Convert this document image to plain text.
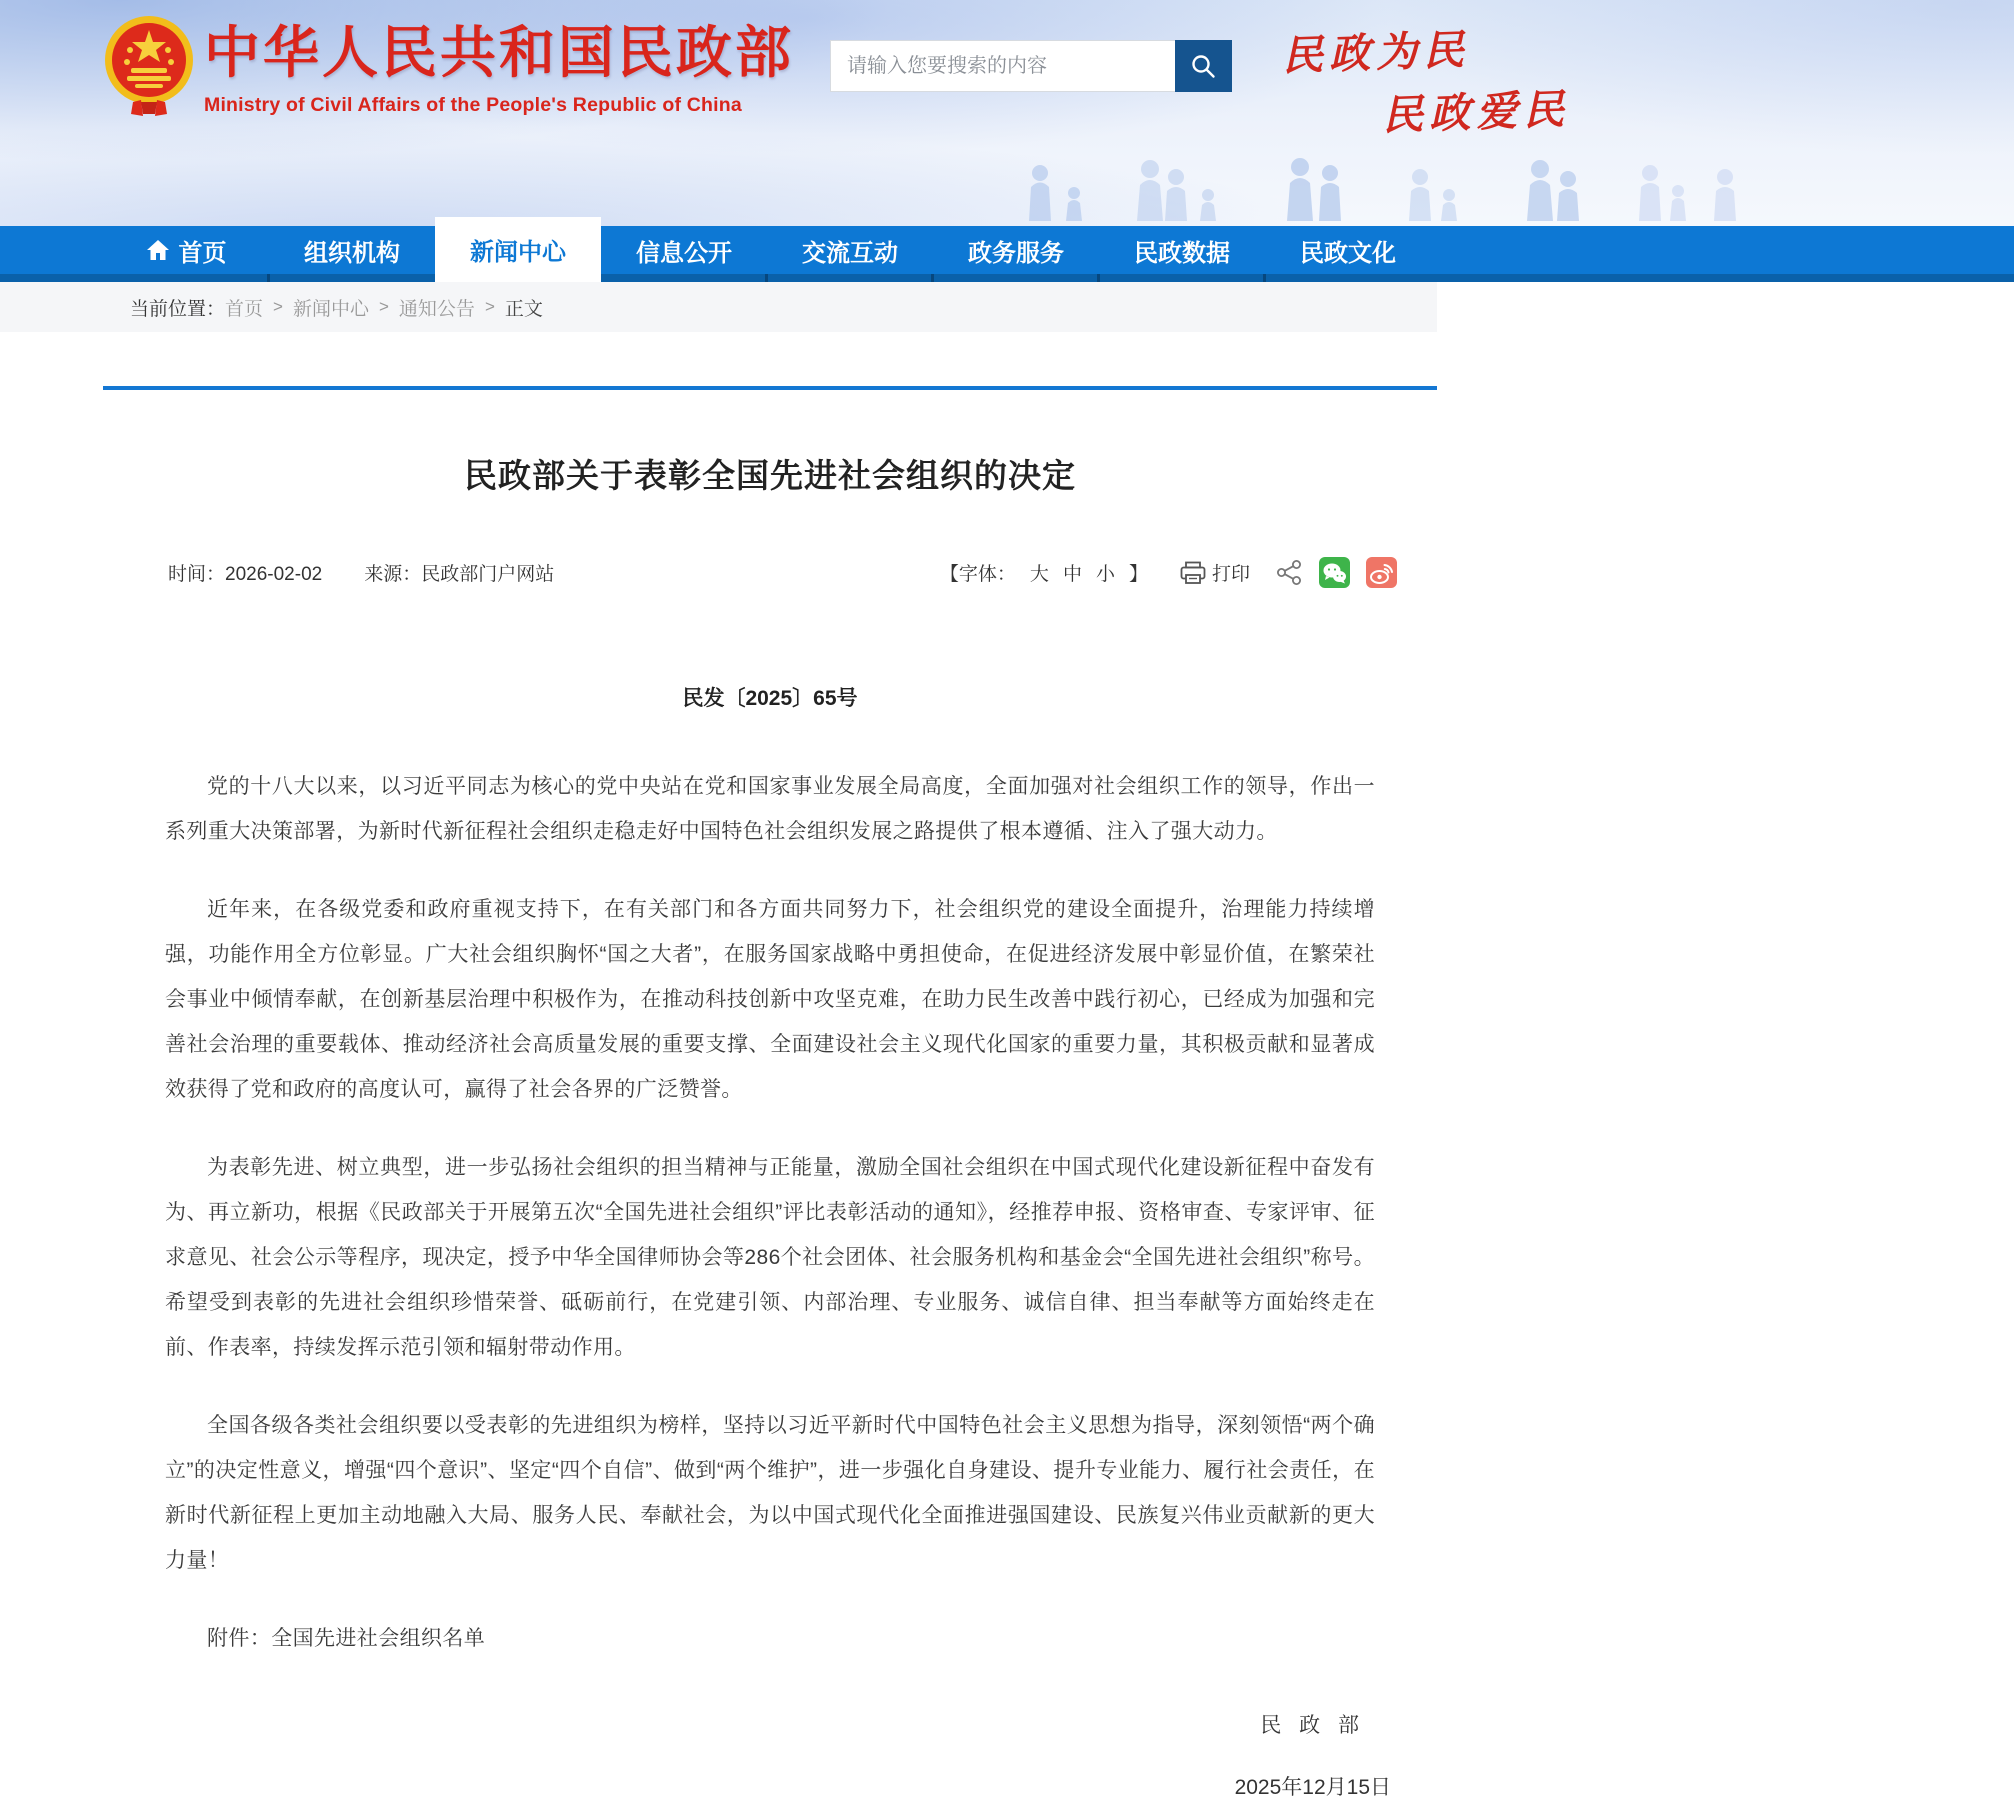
中华人民共和国民政部
Ministry of Civil Affairs of the People's Republic of China
请输入您要搜索的内容
民政为民
民政爱民
首页	组织机构	新闻中心	信息公开	交流互动	政务服务	民政数据	民政文化
当前位置： 首页 > 新闻中心 > 通知公告 > 正文
民政部关于表彰全国先进社会组织的决定
时间：2026-02-02 来源：民政部门户网站	【字体： 大 中 小 】	打印
民发〔2025〕65号

党的十八大以来，以习近平同志为核心的党中央站在党和国家事业发展全局高度，全面加强对社会组织工作的领导，作出一系列重大决策部署，为新时代新征程社会组织走稳走好中国特色社会组织发展之路提供了根本遵循、注入了强大动力。

近年来，在各级党委和政府重视支持下，在有关部门和各方面共同努力下，社会组织党的建设全面提升，治理能力持续增强，功能作用全方位彰显。广大社会组织胸怀“国之大者”，在服务国家战略中勇担使命，在促进经济发展中彰显价值，在繁荣社会事业中倾情奉献，在创新基层治理中积极作为，在推动科技创新中攻坚克难，在助力民生改善中践行初心，已经成为加强和完善社会治理的重要载体、推动经济社会高质量发展的重要支撑、全面建设社会主义现代化国家的重要力量，其积极贡献和显著成效获得了党和政府的高度认可，赢得了社会各界的广泛赞誉。

为表彰先进、树立典型，进一步弘扬社会组织的担当精神与正能量，激励全国社会组织在中国式现代化建设新征程中奋发有为、再立新功，根据《民政部关于开展第五次“全国先进社会组织”评比表彰活动的通知》，经推荐申报、资格审查、专家评审、征求意见、社会公示等程序，现决定，授予中华全国律师协会等286个社会团体、社会服务机构和基金会“全国先进社会组织”称号。希望受到表彰的先进社会组织珍惜荣誉、砥砺前行，在党建引领、内部治理、专业服务、诚信自律、担当奉献等方面始终走在前、作表率，持续发挥示范引领和辐射带动作用。

全国各级各类社会组织要以受表彰的先进组织为榜样，坚持以习近平新时代中国特色社会主义思想为指导，深刻领悟“两个确立”的决定性意义，增强“四个意识”、坚定“四个自信”、做到“两个维护”，进一步强化自身建设、提升专业能力、履行社会责任，在新时代新征程上更加主动地融入大局、服务人民、奉献社会，为以中国式现代化全面推进强国建设、民族复兴伟业贡献新的更大力量！

附件：全国先进社会组织名单

民 政 部
2025年12月15日
